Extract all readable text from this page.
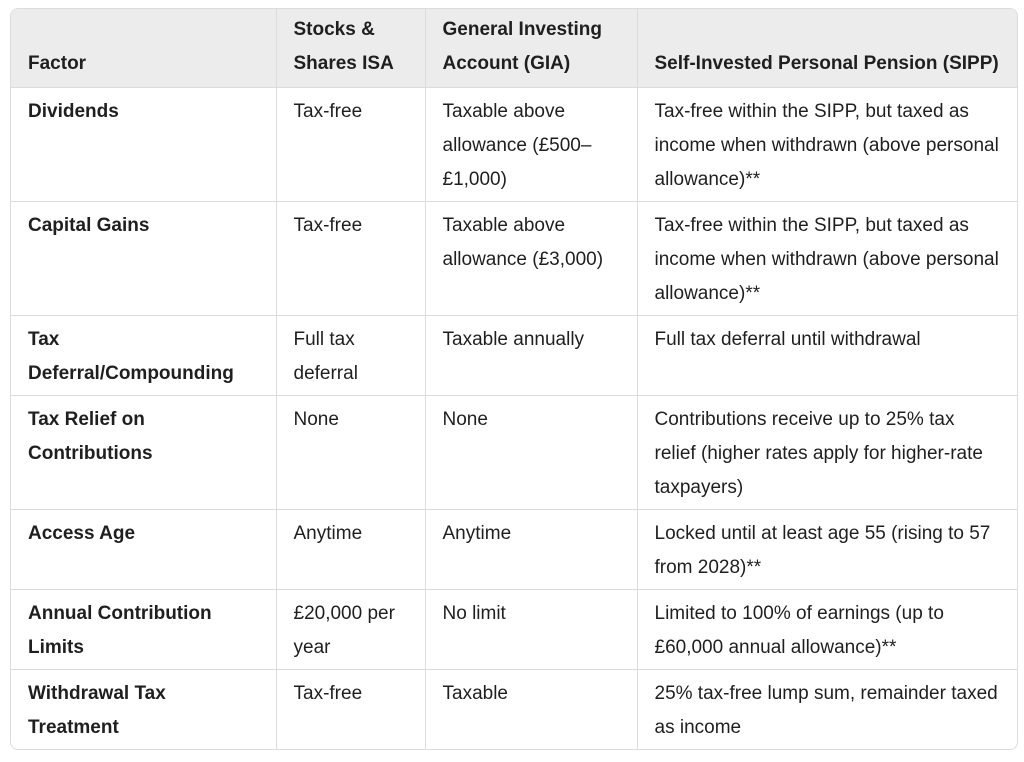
Factor	Stocks & Shares ISA	General Investing Account (GIA)	Self-Invested Personal Pension (SIPP)
Dividends	Tax-free	Taxable above allowance (£500–£1,000)	Tax-free within the SIPP, but taxed as income when withdrawn (above personal allowance)**
Capital Gains	Tax-free	Taxable above allowance (£3,000)	Tax-free within the SIPP, but taxed as income when withdrawn (above personal allowance)**
Tax Deferral/Compounding	Full tax deferral	Taxable annually	Full tax deferral until withdrawal
Tax Relief on Contributions	None	None	Contributions receive up to 25% tax relief (higher rates apply for higher-rate taxpayers)
Access Age	Anytime	Anytime	Locked until at least age 55 (rising to 57 from 2028)**
Annual Contribution Limits	£20,000 per year	No limit	Limited to 100% of earnings (up to £60,000 annual allowance)**
Withdrawal Tax Treatment	Tax-free	Taxable	25% tax-free lump sum, remainder taxed as income
